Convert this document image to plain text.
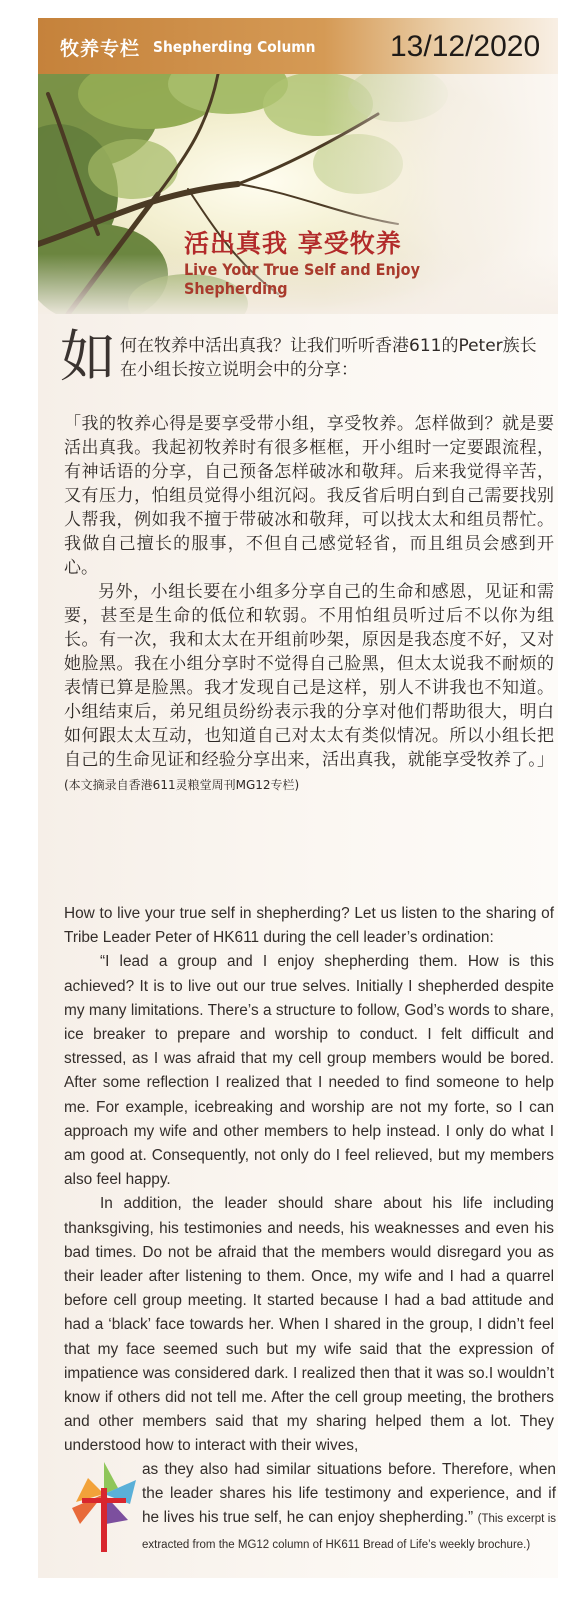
牧养专栏 Shepherding Column 13/12/2020
活出真我 享受牧养
Live Your True Self and Enjoy Shepherding
如 何在牧养中活出真我？让我们听听香港611的Peter族长在小组长按立说明会中的分享：

「我的牧养心得是要享受带小组，享受牧养。怎样做到？就是要活出真我。我起初牧养时有很多框框，开小组时一定要跟流程，有神话语的分享，自己预备怎样破冰和敬拜。后来我觉得辛苦，又有压力，怕组员觉得小组沉闷。我反省后明白到自己需要找别人帮我，例如我不擅于带破冰和敬拜，可以找太太和组员帮忙。我做自己擅长的服事，不但自己感觉轻省，而且组员会感到开心。

另外，小组长要在小组多分享自己的生命和感恩，见证和需要，甚至是生命的低位和软弱。不用怕组员听过后不以你为组长。有一次，我和太太在开组前吵架，原因是我态度不好，又对她脸黑。我在小组分享时不觉得自己脸黑，但太太说我不耐烦的表情已算是脸黑。我才发现自己是这样，别人不讲我也不知道。小组结束后，弟兄组员纷纷表示我的分享对他们帮助很大，明白如何跟太太互动，也知道自己对太太有类似情况。所以小组长把自己的生命见证和经验分享出来，活出真我，就能享受牧养了。」(本文摘录自香港611灵粮堂周刊MG12专栏)

How to live your true self in shepherding? Let us listen to the sharing of Tribe Leader Peter of HK611 during the cell leader’s ordination:

“I lead a group and I enjoy shepherding them. How is this achieved? It is to live out our true selves. Initially I shepherded despite my many limitations. There’s a structure to follow, God’s words to share, ice breaker to prepare and worship to conduct. I felt difficult and stressed, as I was afraid that my cell group members would be bored. After some reflection I realized that I needed to find someone to help me. For example, icebreaking and worship are not my forte, so I can approach my wife and other members to help instead. I only do what I am good at. Consequently, not only do I feel relieved, but my members also feel happy.

In addition, the leader should share about his life including thanksgiving, his testimonies and needs, his weaknesses and even his bad times. Do not be afraid that the members would disregard you as their leader after listening to them. Once, my wife and I had a quarrel before cell group meeting. It started because I had a bad attitude and had a ‘black’ face towards her. When I shared in the group, I didn’t feel that my face seemed such but my wife said that the expression of impatience was considered dark. I realized then that it was so.I wouldn’t know if others did not tell me. After the cell group meeting, the brothers and other members said that my sharing helped them a lot. They understood how to interact with their wives,

as they also had similar situations before. Therefore, when the leader shares his life testimony and experience, and if he lives his true self, he can enjoy shepherding.” (This excerpt is extracted from the MG12 column of HK611 Bread of Life’s weekly brochure.)
